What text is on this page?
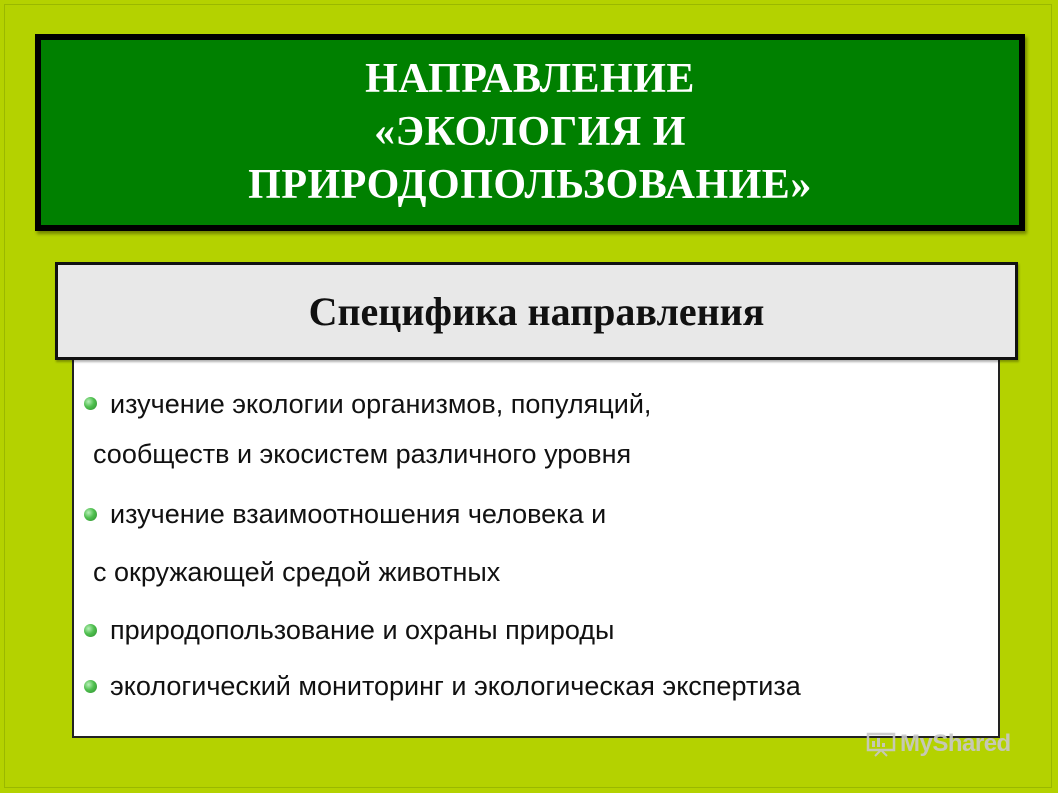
НАПРАВЛЕНИЕ
«ЭКОЛОГИЯ И
ПРИРОДОПОЛЬЗОВАНИЕ»
Специфика направления
изучение экологии организмов, популяций,
сообществ и экосистем различного уровня
изучение взаимоотношения человека и
с окружающей средой животных
природопользование и охраны природы
экологический мониторинг и экологическая экспертиза
MyShared
